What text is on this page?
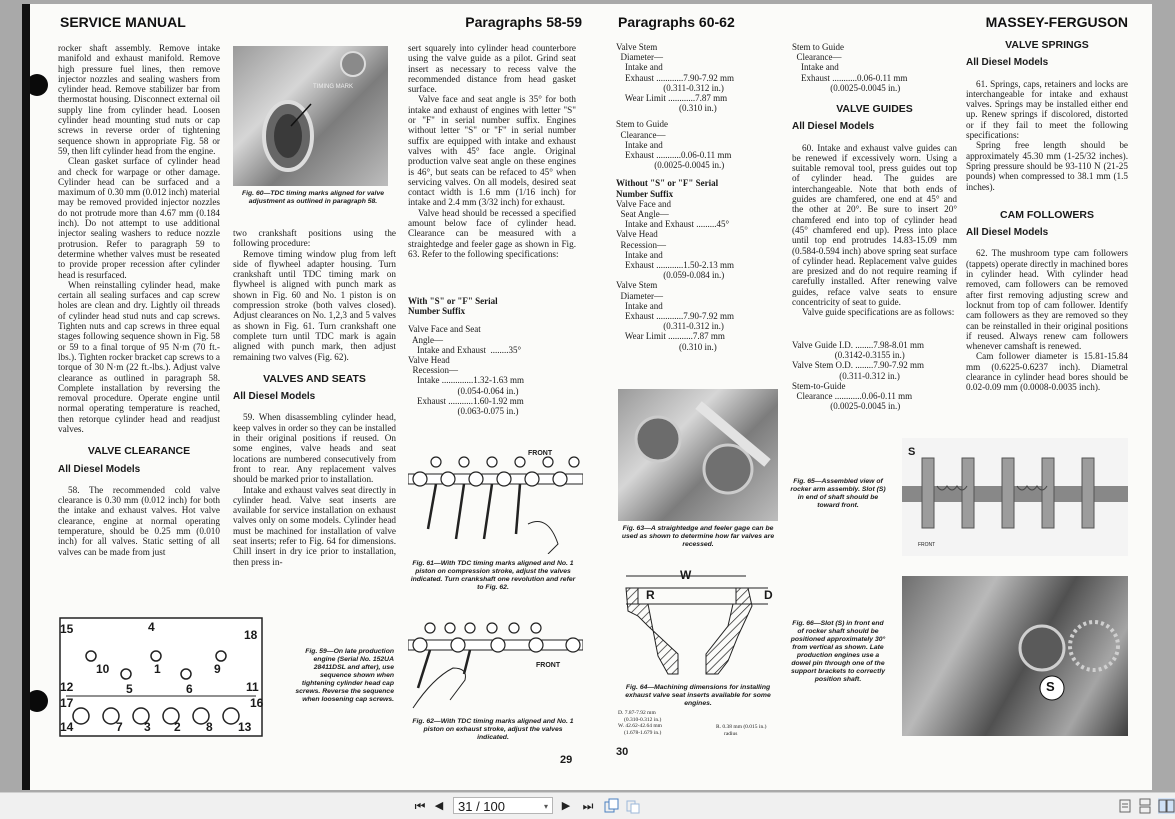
SERVICE MANUAL	Paragraphs 58-59

rocker shaft assembly. Remove intake manifold and exhaust manifold. Remove high pressure fuel lines, then remove injector nozzles and sealing washers from cylinder head. Remove stabilizer bar from thermostat housing. Disconnect external oil supply line from cylinder head. Loosen cylinder head mounting stud nuts or cap screws in reverse order of tightening sequence shown in appropriate Fig. 58 or 59, then lift cylinder head from the engine.

Clean gasket surface of cylinder head and check for warpage or other damage. Cylinder head can be surfaced and a maximum of 0.30 mm (0.012 inch) material may be removed provided injector nozzles do not protrude more than 4.67 mm (0.184 inch). Do not attempt to use additional injector sealing washers to reduce nozzle protrusion. Refer to paragraph 59 to determine whether valves must be reseated to provide proper recession after cylinder head is resurfaced.

When reinstalling cylinder head, make certain all sealing surfaces and cap screw holes are clean and dry. Lightly oil threads of cylinder head stud nuts and cap screws. Tighten nuts and cap screws in three equal stages following sequence shown in Fig. 58 or 59 to a final torque of 95 N·m (70 ft.-lbs.). Tighten rocker bracket cap screws to a torque of 30 N·m (22 ft.-lbs.). Adjust valve clearance as outlined in paragraph 58. Complete installation by reversing the removal procedure. Operate engine until normal operating temperature is reached, then retorque cylinder head and readjust valves.

VALVE CLEARANCE
All Diesel Models

58. The recommended cold valve clearance is 0.30 mm (0.012 inch) for both the intake and exhaust valves. Hot valve clearance, engine at normal operating temperature, should be 0.25 mm (0.010 inch) for all valves. Static setting of all valves can be made from just

TIMING MARK
Fig. 60—TDC timing marks aligned for valve adjustment as outlined in paragraph 58.

two crankshaft positions using the following procedure:

Remove timing window plug from left side of flywheel adapter housing. Turn crankshaft until TDC timing mark on flywheel is aligned with punch mark as shown in Fig. 60 and No. 1 piston is on compression stroke (both valves closed). Adjust clearances on No. 1,2,3 and 5 valves as shown in Fig. 61. Turn crankshaft one complete turn until TDC mark is again aligned with punch mark, then adjust remaining two valves (Fig. 62).

VALVES AND SEATS
All Diesel Models

59. When disassembling cylinder head, keep valves in order so they can be installed in their original positions if reused. On some engines, valve heads and seat locations are numbered consecutively from front to rear. Any replacement valves should be marked prior to installation.

Intake and exhaust valves seat directly in cylinder head. Valve seat inserts are available for service installation on exhaust valves only on some models. Cylinder head must be machined for installation of valve seat inserts; refer to Fig. 64 for dimensions. Chill insert in dry ice prior to installation, then press in-

sert squarely into cylinder head counterbore using the valve guide as a pilot. Grind seat insert as necessary to recess valve the recommended distance from head gasket surface.

Valve face and seat angle is 35° for both intake and exhaust of engines with letter "S" or "F" in serial number suffix. Engines without letter "S" or "F" in serial number suffix are equipped with intake and exhaust valves with 45° face angle. Original production valve seat angle on these engines is 46°, but seats can be refaced to 45° when servicing valves. On all models, desired seat contact width is 1.6 mm (1/16 inch) for intake and 2.4 mm (3/32 inch) for exhaust.

Valve head should be recessed a specified amount below face of cylinder head. Clearance can be measured with a straightedge and feeler gage as shown in Fig. 63. Refer to the following specifications:

With "S" or "F" Serial
Number Suffix
Valve Face and Seat
Angle—
Intake and Exhaust  ........35°
Valve Head
Recession—
Intake ..............1.32-1.63 mm
(0.054-0.064 in.)
Exhaust ...........1.60-1.92 mm
(0.063-0.075 in.)
FRONT
Fig. 61—With TDC timing marks aligned and No. 1 piston on compression stroke, adjust the valves indicated. Turn crankshaft one revolution and refer to Fig. 62.
FRONT
Fig. 62—With TDC timing marks aligned and No. 1 piston on exhaust stroke, adjust the valves indicated.
15	4
18
10	1	9
12	5	6	11
17	16
14	7 3 2 8 13
Fig. 59—On late production engine (Serial No. 152UA 28411DSL and after), use sequence shown when tightening cylinder head cap screws. Reverse the sequence when loosening cap screws.
29
Paragraphs 60-62	MASSEY-FERGUSON
Valve Stem
Diameter—
Intake and
Exhaust ............7.90-7.92 mm
(0.311-0.312 in.)
Wear Limit ............7.87 mm
(0.310 in.)
Stem to Guide
Clearance—
Intake and
Exhaust ...........0.06-0.11 mm
(0.0025-0.0045 in.)
Without "S" or "F" Serial
Number Suffix
Valve Face and
Seat Angle—
Intake and Exhaust .........45°
Valve Head
Recession—
Intake and
Exhaust ............1.50-2.13 mm
(0.059-0.084 in.)
Valve Stem
Diameter—
Intake and
Exhaust ............7.90-7.92 mm
(0.311-0.312 in.)
Wear Limit ...........7.87 mm
(0.310 in.)
Fig. 63—A straightedge and feeler gage can be used as shown to determine how far valves are recessed.
W
R	D
Fig. 64—Machining dimensions for installing exhaust valve seat inserts available for some engines.
D. 7.87-7.92 mm
(0.310-0.312 in.)
W. 42.62-42.64 mm
(1.678-1.679 in.)
R. 0.38 mm (0.015 in.)
radius
Stem to Guide
Clearance—
Intake and
Exhaust ...........0.06-0.11 mm
(0.0025-0.0045 in.)
VALVE GUIDES
All Diesel Models

60. Intake and exhaust valve guides can be renewed if excessively worn. Using a suitable removal tool, press guides out top of cylinder head. The guides are interchangeable. Note that both ends of guides are chamfered, one end at 45° and the other at 20°. Be sure to insert 20° chamfered end into top of cylinder head (45° chamfered end up). Press into place until top end protrudes 14.83-15.09 mm (0.584-0.594 inch) above spring seat surface of cylinder head. Replacement valve guides are presized and do not require reaming if carefully installed. After renewing valve guides, reface valve seats to ensure concentricity of seat to guide.

Valve guide specifications are as follows:

Valve Guide I.D. ........7.98-8.01 mm
(0.3142-0.3155 in.)
Valve Stem O.D. ........7.90-7.92 mm
(0.311-0.312 in.)
Stem-to-Guide
Clearance ............0.06-0.11 mm
(0.0025-0.0045 in.)
Fig. 65—Assembled view of rocker arm assembly. Slot (S) in end of shaft should be toward front.
Fig. 66—Slot (S) in front end of rocker shaft should be positioned approximately 30° from vertical as shown. Late production engines use a dowel pin through one of the support brackets to correctly position shaft.
VALVE SPRINGS
All Diesel Models

61. Springs, caps, retainers and locks are interchangeable for intake and exhaust valves. Springs may be installed either end up. Renew springs if discolored, distorted or if they fail to meet the following specifications:

Spring free length should be approximately 45.30 mm (1-25/32 inches). Spring pressure should be 93-110 N (21-25 pounds) when compressed to 38.1 mm (1.5 inches).

CAM FOLLOWERS
All Diesel Models

62. The mushroom type cam followers (tappets) operate directly in machined bores in cylinder head. With cylinder head removed, cam followers can be removed after first removing adjusting screw and locknut from top of cam follower. Identify cam followers as they are removed so they can be reinstalled in their original positions if reused. Always renew cam followers whenever camshaft is renewed.

Cam follower diameter is 15.81-15.84 mm (0.6225-0.6237 inch). Diametral clearance in cylinder head bores should be 0.02-0.09 mm (0.0008-0.0035 inch).

S
FRONT
S
30
⏮ ◀	31 / 100	▾ ▶ ⏭
